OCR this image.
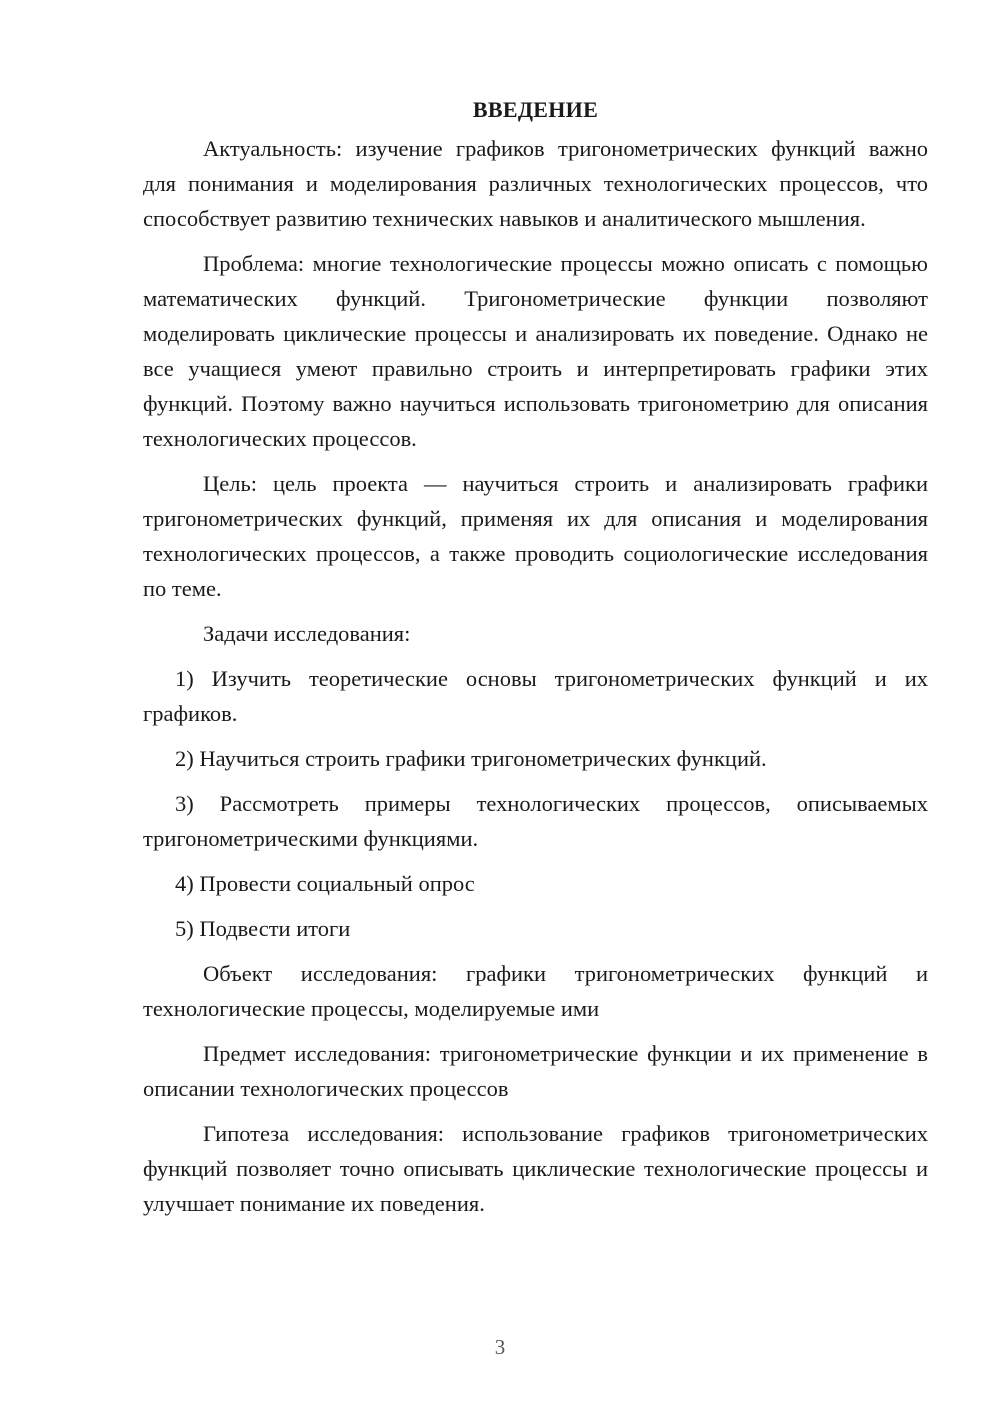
ВВЕДЕНИЕ

Актуальность: изучение графиков тригонометрических функций важно для понимания и моделирования различных технологических процессов, что способствует развитию технических навыков и аналитического мышления.

Проблема: многие технологические процессы можно описать с помощью математических функций. Тригонометрические функции позволяют моделировать циклические процессы и анализировать их поведение. Однако не все учащиеся умеют правильно строить и интерпретировать графики этих функций. Поэтому важно научиться использовать тригонометрию для описания технологических процессов.

Цель: цель проекта — научиться строить и анализировать графики тригонометрических функций, применяя их для описания и моделирования технологических процессов, а также проводить социологические исследования по теме.

Задачи исследования:

1) Изучить теоретические основы тригонометрических функций и их графиков.

2) Научиться строить графики тригонометрических функций.

3) Рассмотреть примеры технологических процессов, описываемых тригонометрическими функциями.

4) Провести социальный опрос

5) Подвести итоги

Объект исследования: графики тригонометрических функций и технологические процессы, моделируемые ими

Предмет исследования: тригонометрические функции и их применение в описании технологических процессов

Гипотеза исследования: использование графиков тригонометрических функций позволяет точно описывать циклические технологические процессы и улучшает понимание их поведения.

3
